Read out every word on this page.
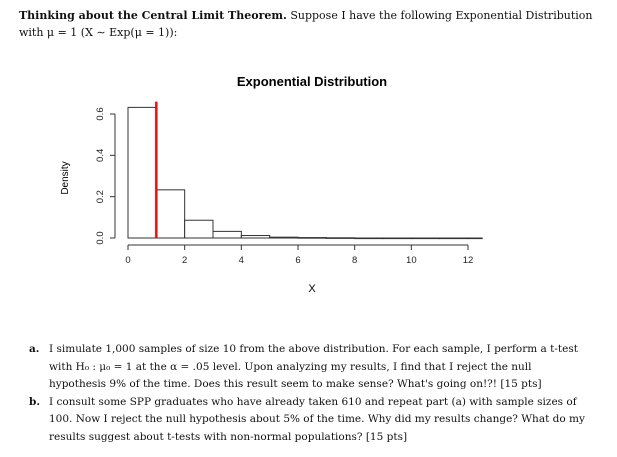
Thinking about the Central Limit Theorem. Suppose I have the following Exponential Distribution
with μ = 1 (X ∼ Exp(μ = 1)):
Exponential Distribution
0	2	4	6	8	10	12
0.0
0.2
0.4
0.6
X
Density
a. I simulate 1,000 samples of size 10 from the above distribution. For each sample, I perform a t-test with H₀ : μ₀ = 1 at the α = .05 level. Upon analyzing my results, I find that I reject the null hypothesis 9% of the time. Does this result seem to make sense? What's going on!?! [15 pts]
b. I consult some SPP graduates who have already taken 610 and repeat part (a) with sample sizes of 100. Now I reject the null hypothesis about 5% of the time. Why did my results change? What do my results suggest about t-tests with non-normal populations? [15 pts]
